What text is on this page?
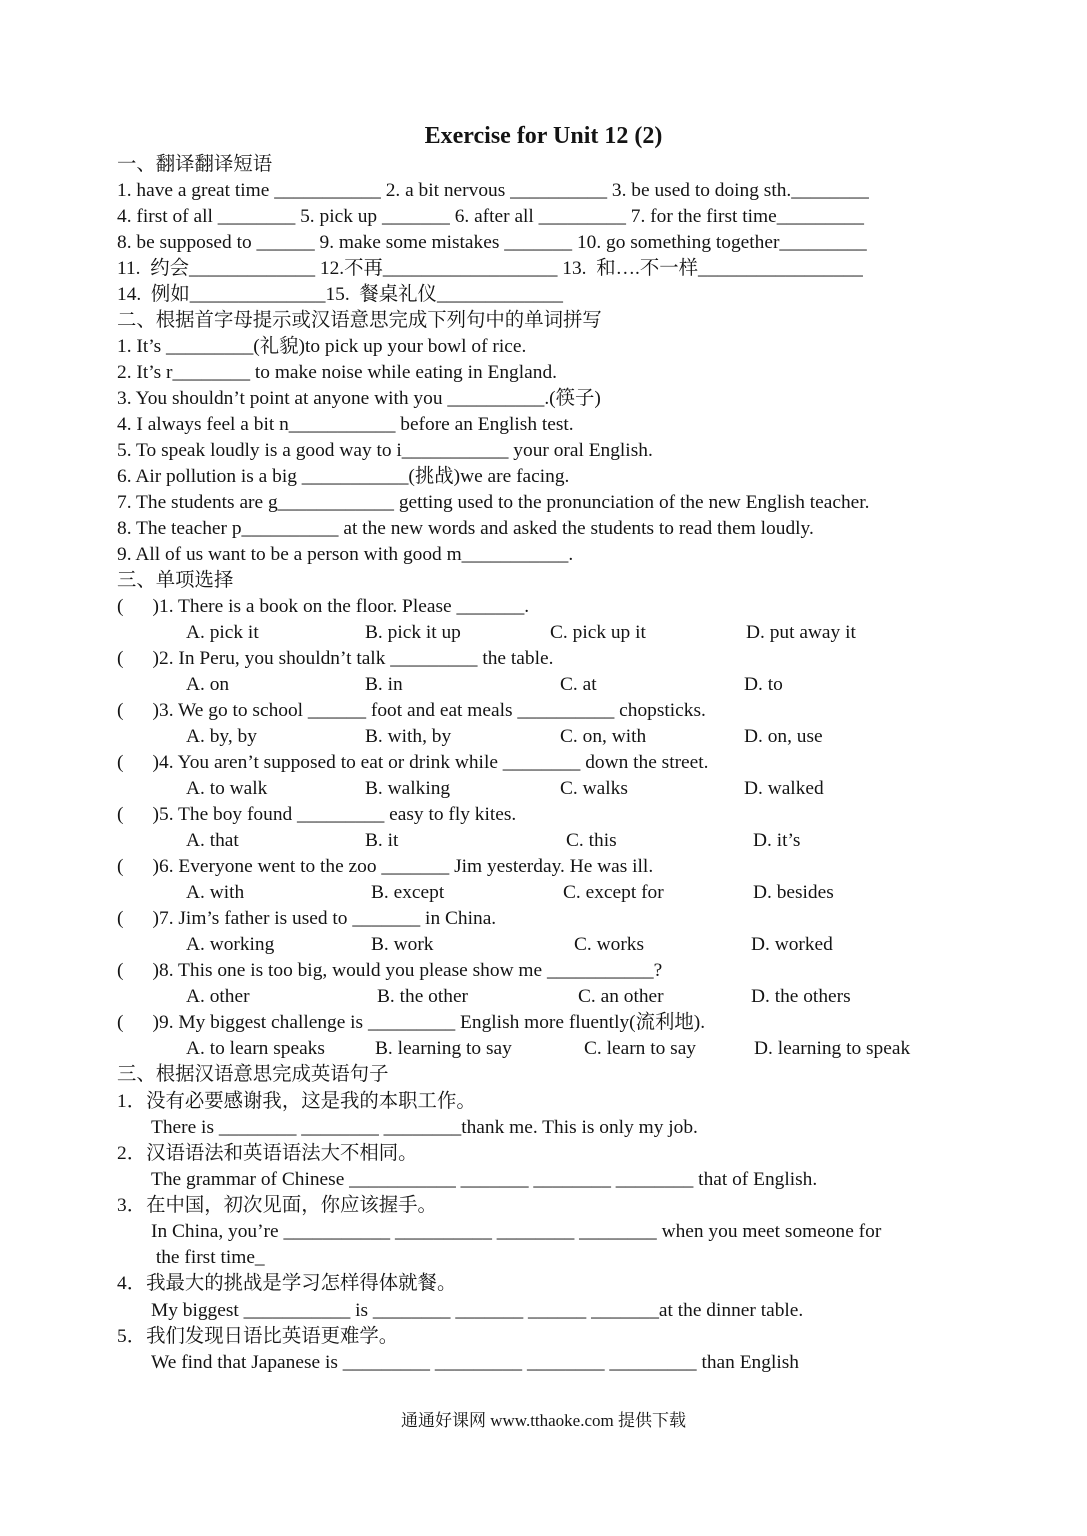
Exercise for Unit 12 (2)
一、翻译翻译短语
1. have a great time ___________ 2. a bit nervous __________ 3. be used to doing sth.________
4. first of all ________ 5. pick up _______ 6. after all _________ 7. for the first time_________
8. be supposed to ______ 9. make some mistakes _______ 10. go something together_________
11.  约会_____________ 12.不再__________________ 13.  和….不一样_________________
14.  例如______________15.  餐桌礼仪_____________
二、根据首字母提示或汉语意思完成下列句中的单词拼写
1. It’s _________(礼貌)to pick up your bowl of rice.
2. It’s r________ to make noise while eating in England.
3. You shouldn’t point at anyone with you __________.(筷子)
4. I always feel a bit n___________ before an English test.
5. To speak loudly is a good way to i___________ your oral English.
6. Air pollution is a big ___________(挑战)we are facing.
7. The students are g____________ getting used to the pronunciation of the new English teacher.
8. The teacher p__________ at the new words and asked the students to read them loudly.
9. All of us want to be a person with good m___________.
三、单项选择
(      )1. There is a book on the floor. Please _______.
A. pick it	B. pick it up	C. pick up it	D. put away it
(      )2. In Peru, you shouldn’t talk _________ the table.
A. on	B. in	C. at	D. to
(      )3. We go to school ______ foot and eat meals __________ chopsticks.
A. by, by	B. with, by	C. on, with	D. on, use
(      )4. You aren’t supposed to eat or drink while ________ down the street.
A. to walk	B. walking	C. walks	D. walked
(      )5. The boy found _________ easy to fly kites.
A. that	B. it	C. this	D. it’s
(      )6. Everyone went to the zoo _______ Jim yesterday. He was ill.
A. with	B. except	C. except for	D. besides
(      )7. Jim’s father is used to _______ in China.
A. working	B. work	C. works	D. worked
(      )8. This one is too big, would you please show me ___________?
A. other	B. the other	C. an other	D. the others
(      )9. My biggest challenge is _________ English more fluently(流利地).
A. to learn speaks	B. learning to say	C. learn to say	D. learning to speak
三、根据汉语意思完成英语句子
1．没有必要感谢我，这是我的本职工作。
There is ________ ________ ________thank me. This is only my job.
2．汉语语法和英语语法大不相同。
The grammar of Chinese ___________ _______ ________ ________ that of English.
3．在中国，初次见面，你应该握手。
In China, you’re ___________ __________ ________ ________ when you meet someone for
the first time_
4．我最大的挑战是学习怎样得体就餐。
My biggest ___________ is ________ _______ ______ _______at the dinner table.
5．我们发现日语比英语更难学。
We find that Japanese is _________ _________ ________ _________ than English
通通好课网 www.tthaoke.com 提供下载
